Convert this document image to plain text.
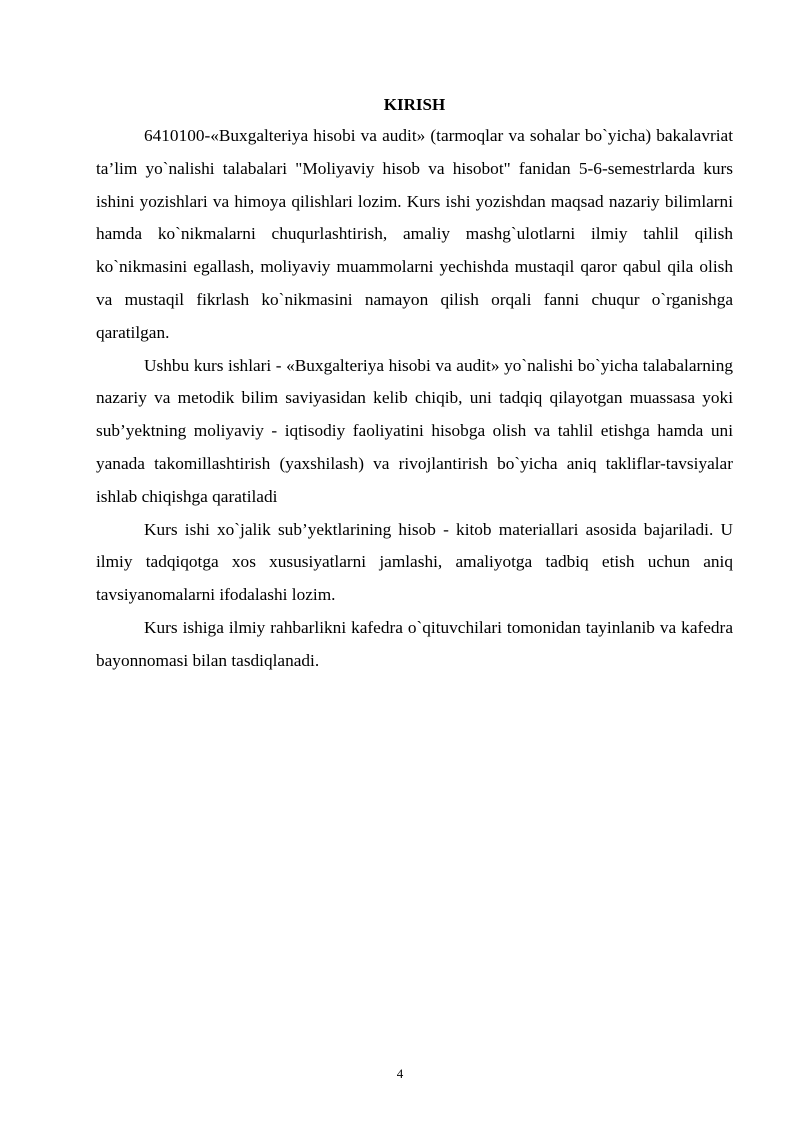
KIRISH

6410100-«Buxgalteriya hisobi va audit» (tarmoqlar va sohalar bo`yicha) bakalavriat ta’lim yo`nalishi talabalari "Moliyaviy hisob va hisobot" fanidan 5-6-semestrlarda kurs ishini yozishlari va himoya qilishlari lozim. Kurs ishi yozishdan maqsad nazariy bilimlarni hamda ko`nikmalarni chuqurlashtirish, amaliy mashg`ulotlarni ilmiy tahlil qilish ko`nikmasini egallash, moliyaviy muammolarni yechishda mustaqil qaror qabul qila olish va mustaqil fikrlash ko`nikmasini namayon qilish orqali fanni chuqur o`rganishga qaratilgan.

Ushbu kurs ishlari - «Buxgalteriya hisobi va audit» yo`nalishi bo`yicha talabalarning nazariy va metodik bilim saviyasidan kelib chiqib, uni tadqiq qilayotgan muassasa yoki sub’yektning moliyaviy - iqtisodiy faoliyatini hisobga olish va tahlil etishga hamda uni yanada takomillashtirish (yaxshilash) va rivojlantirish bo`yicha aniq takliflar-tavsiyalar ishlab chiqishga qaratiladi

Kurs ishi xo`jalik sub’yektlarining hisob - kitob materiallari asosida bajariladi. U ilmiy tadqiqotga xos xususiyatlarni jamlashi, amaliyotga tadbiq etish uchun aniq tavsiyanomalarni ifodalashi lozim.

Kurs ishiga ilmiy rahbarlikni kafedra o`qituvchilari tomonidan tayinlanib va kafedra bayonnomasi bilan tasdiqlanadi.

4
